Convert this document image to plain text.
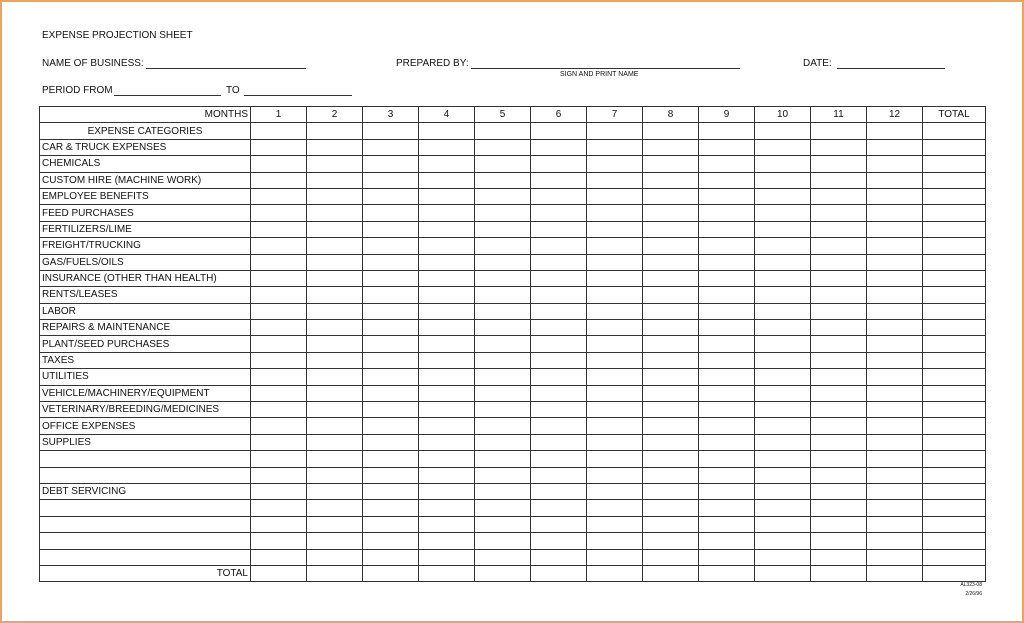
EXPENSE PROJECTION SHEET
NAME OF BUSINESS:	PREPARED BY:
SIGN AND PRINT NAME
DATE:
PERIOD FROM	TO
MONTHS	1	2	3	4	5	6	7	8	9	10	11	12	TOTAL
EXPENSE CATEGORIES													
CAR & TRUCK EXPENSES													
CHEMICALS													
CUSTOM HIRE (MACHINE WORK)													
EMPLOYEE BENEFITS													
FEED PURCHASES													
FERTILIZERS/LIME													
FREIGHT/TRUCKING													
GAS/FUELS/OILS													
INSURANCE (OTHER THAN HEALTH)													
RENTS/LEASES													
LABOR													
REPAIRS & MAINTENANCE													
PLANT/SEED PURCHASES													
TAXES													
UTILITIES													
VEHICLE/MACHINERY/EQUIPMENT													
VETERINARY/BREEDING/MEDICINES													
OFFICE EXPENSES													
SUPPLIES													

DEBT SERVICING													

TOTAL													
AL323-08
2/26/96
